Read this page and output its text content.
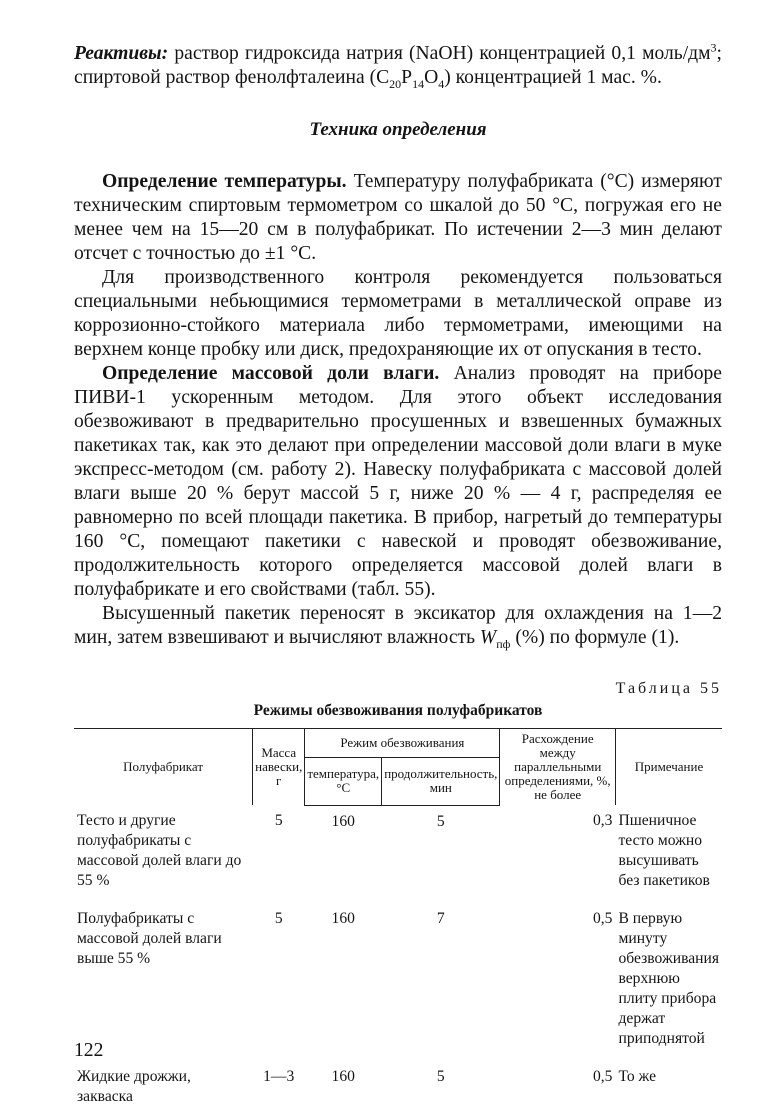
Реактивы: раствор гидроксида натрия (NaOH) концентрацией 0,1 моль/$дм^3$; спиртовой раствор фенолфталеина $(C_{20}P_{14}O_4)$ концентрацией 1 мас. %.

Техника определения

Определение температуры. Температуру полуфабриката (°С) измеряют техническим спиртовым термометром со шкалой до 50 °С, погружая его не менее чем на 15—20 см в полуфабрикат. По истечении 2—3 мин делают отсчет с точностью до ±1 °С.

Для производственного контроля рекомендуется пользоваться специальными небьющимися термометрами в металлической оправе из коррозионно-стойкого материала либо термометрами, имеющими на верхнем конце пробку или диск, предохраняющие их от опускания в тесто.

Определение массовой доли влаги. Анализ проводят на приборе ПИВИ-1 ускоренным методом. Для этого объект исследования обезвоживают в предварительно просушенных и взвешенных бумажных пакетиках так, как это делают при определении массовой доли влаги в муке экспресс-методом (см. работу 2). Навеску полуфабриката с массовой долей влаги выше 20 % берут массой 5 г, ниже 20 % — 4 г, распределяя ее равномерно по всей площади пакетика. В прибор, нагретый до температуры 160 °С, помещают пакетики с навеской и проводят обезвоживание, продолжительность которого определяется массовой долей влаги в полуфабрикате и его свойствами (табл. 55).

Высушенный пакетик переносят в эксикатор для охлаждения на 1—2 мин, затем взвешивают и вычисляют влажность $W_{пф}$ (%) по формуле (1).

Таблица 55
Режимы обезвоживания полуфабрикатов
Полуфабрикат	Масса навески, г	Режим обезвоживания		Расхождение между параллельными определениями, %, не более	Примечание
		температура, °С	продолжительность, мин		
Тесто и другие полуфабрикаты с массовой долей влаги до 55 %	5	160	5	0,3	Пшеничное тесто можно высушивать без пакетиков
Полуфабрикаты с массовой долей влаги выше 55 %	5	160	7	0,5	В первую минуту обезвоживания верхнюю плиту прибора держат приподнятой
Жидкие дрожжи, закваска	1—3	160	5	0,5	То же
122
